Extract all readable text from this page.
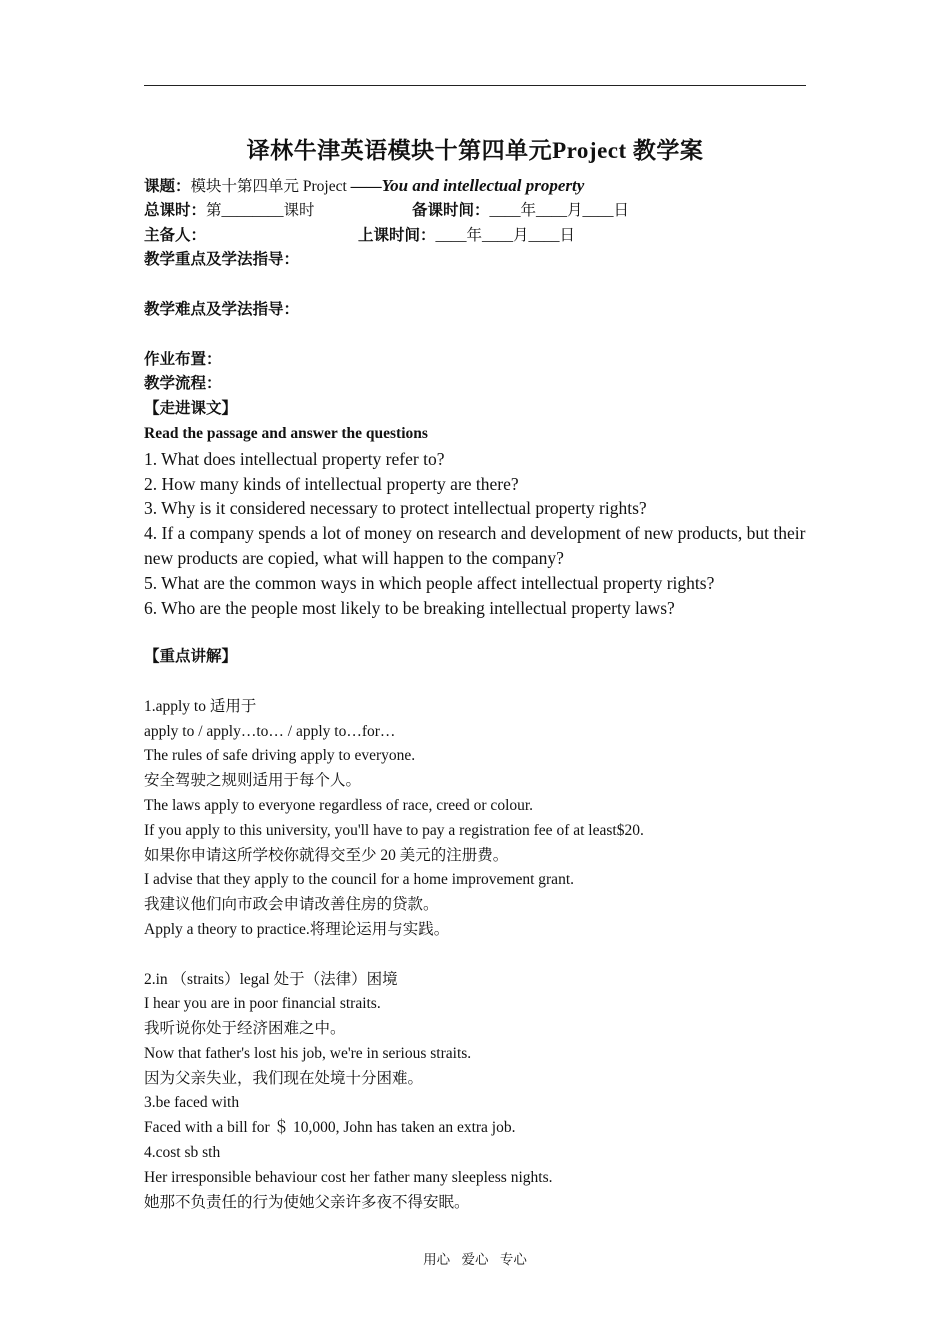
译林牛津英语模块十第四单元Project 教学案
课题：模块十第四单元 Project ——You and intellectual property
总课时：第________课时	备课时间：____年____月____日
主备人：	上课时间：____年____月____日
教学重点及学法指导：
教学难点及学法指导：
作业布置：
教学流程：
【走进课文】
Read the passage and answer the questions
1. What does intellectual property refer to?
2. How many kinds of intellectual property are there?
3. Why is it considered necessary to protect intellectual property rights?
4. If a company spends a lot of money on research and development of new products, but their new products are copied, what will happen to the company?
5. What are the common ways in which people affect intellectual property rights?
6. Who are the people most likely to be breaking intellectual property laws?
【重点讲解】
1.apply to 适用于
apply to / apply…to… / apply to…for…
The rules of safe driving apply to everyone.
安全驾驶之规则适用于每个人。
The laws apply to everyone regardless of race, creed or colour.
If you apply to this university, you'll have to pay a registration fee of at least$20.
如果你申请这所学校你就得交至少 20 美元的注册费。
I advise that they apply to the council for a home improvement grant.
我建议他们向市政会申请改善住房的贷款。
Apply a theory to practice.将理论运用与实践。
2.in （straits）legal 处于（法律）困境
I hear you are in poor financial straits.
我听说你处于经济困难之中。
Now that father's lost his job, we're in serious straits.
因为父亲失业，我们现在处境十分困难。
3.be faced with
Faced with a bill for ＄ 10,000, John has taken an extra job.
4.cost sb sth
Her irresponsible behaviour cost her father many sleepless nights.
她那不负责任的行为使她父亲许多夜不得安眠。
用心 爱心 专心
